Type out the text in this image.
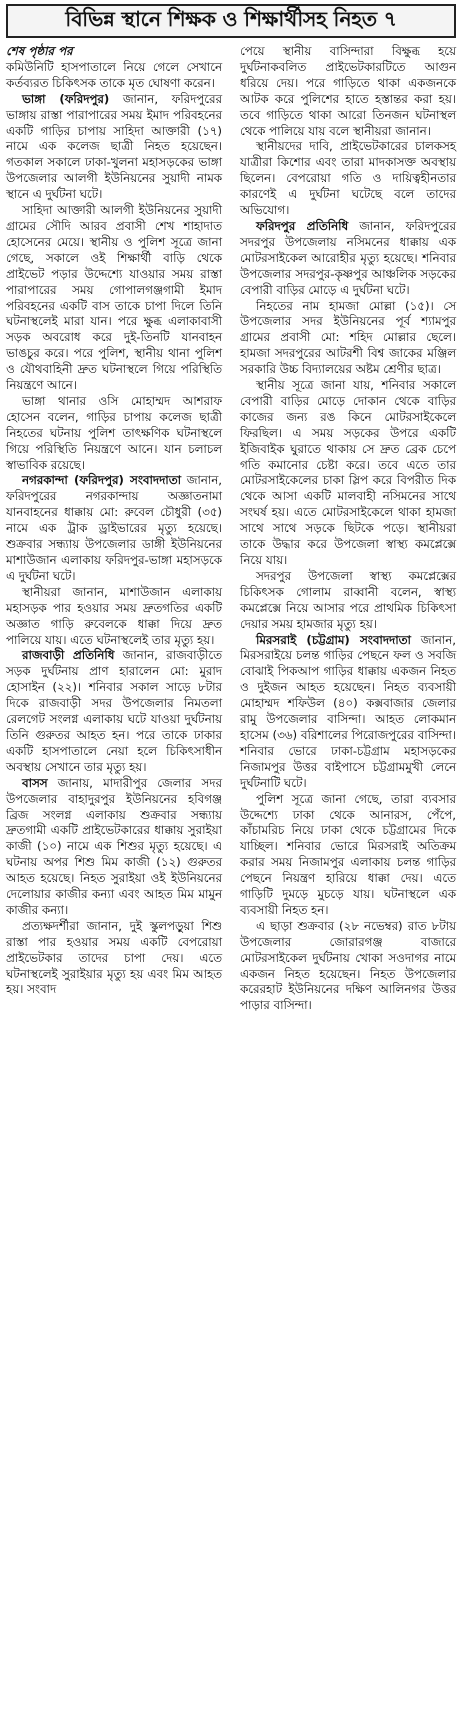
বিভিন্ন স্থানে শিক্ষক ও শিক্ষার্থীসহ নিহত ৭
শেষ পৃষ্ঠার পর

কমিউনিটি হাসপাতালে নিয়ে গেলে সেখানে কর্তব্যরত চিকিৎসক তাকে মৃত ঘোষণা করেন।

ভাঙ্গা (ফরিদপুর) জানান, ফরিদপুরের ভাঙ্গায় রাস্তা পারাপারের সময় ইমাদ পরিবহনের একটি গাড়ির চাপায় সাহিদা আক্তারী (১৭) নামে এক কলেজ ছাত্রী নিহত হয়েছেন। গতকাল সকালে ঢাকা-খুলনা মহাসড়কের ভাঙ্গা উপজেলার আলগী ইউনিয়নের সুয়াদী নামক স্থানে এ দুর্ঘটনা ঘটে।

সাহিদা আক্তারী আলগী ইউনিয়নের সুয়াদী গ্রামের সৌদি আরব প্রবাসী শেখ শাহাদাত হোসেনের মেয়ে। স্থানীয় ও পুলিশ সূত্রে জানা গেছে, সকালে ওই শিক্ষার্থী বাড়ি থেকে প্রাইভেট পড়ার উদ্দেশ্যে যাওয়ার সময় রাস্তা পারাপারের সময় গোপালগঞ্জগামী ইমাদ পরিবহনের একটি বাস তাকে চাপা দিলে তিনি ঘটনাস্থলেই মারা যান। পরে ক্ষুব্ধ এলাকাবাসী সড়ক অবরোধ করে দুই-তিনটি যানবাহন ভাঙচুর করে। পরে পুলিশ, স্থানীয় থানা পুলিশ ও যৌথবাহিনী দ্রুত ঘটনাস্থলে গিয়ে পরিস্থিতি নিয়ন্ত্রণে আনে।

ভাঙ্গা থানার ওসি মোহাম্মদ আশরাফ হোসেন বলেন, গাড়ির চাপায় কলেজ ছাত্রী নিহতের ঘটনায় পুলিশ তাৎক্ষণিক ঘটনাস্থলে গিয়ে পরিস্থিতি নিয়ন্ত্রণে আনে। যান চলাচল স্বাভাবিক রয়েছে।

নগরকান্দা (ফরিদপুর) সংবাদদাতা জানান, ফরিদপুরের নগরকান্দায় অজ্ঞাতনামা যানবাহনের ধাক্কায় মো: রুবেল চৌধুরী (৩৫) নামে এক ট্রাক ড্রাইভারের মৃত্যু হয়েছে। শুক্রবার সন্ধ্যায় উপজেলার ডাঙ্গী ইউনিয়নের মাশাউজান এলাকায় ফরিদপুর-ভাঙ্গা মহাসড়কে এ দুর্ঘটনা ঘটে।

স্থানীয়রা জানান, মাশাউজান এলাকায় মহাসড়ক পার হওয়ার সময় দ্রুতগতির একটি অজ্ঞাত গাড়ি রুবেলকে ধাক্কা দিয়ে দ্রুত পালিয়ে যায়। এতে ঘটনাস্থলেই তার মৃত্যু হয়।

রাজবাড়ী প্রতিনিধি জানান, রাজবাড়ীতে সড়ক দুর্ঘটনায় প্রাণ হারালেন মো: মুরাদ হোসাইন (২২)। শনিবার সকাল সাড়ে ৮টার দিকে রাজবাড়ী সদর উপজেলার নিমতলা রেলগেট সংলগ্ন এলাকায় ঘটে যাওয়া দুর্ঘটনায় তিনি গুরুতর আহত হন। পরে তাকে ঢাকার একটি হাসপাতালে নেয়া হলে চিকিৎসাধীন অবস্থায় সেখানে তার মৃত্যু হয়।

বাসস জানায়, মাদারীপুর জেলার সদর উপজেলার বাহাদুরপুর ইউনিয়নের হবিগঞ্জ ব্রিজ সংলগ্ন এলাকায় শুক্রবার সন্ধ্যায় দ্রুতগামী একটি প্রাইভেটকারের ধাক্কায় সুরাইয়া কাজী (১০) নামে এক শিশুর মৃত্যু হয়েছে। এ ঘটনায় অপর শিশু মিম কাজী (১২) গুরুতর আহত হয়েছে। নিহত সুরাইয়া ওই ইউনিয়নের দেলোয়ার কাজীর কন্যা এবং আহত মিম মামুন কাজীর কন্যা।

প্রত্যক্ষদর্শীরা জানান, দুই স্কুলপড়ুয়া শিশু রাস্তা পার হওয়ার সময় একটি বেপরোয়া প্রাইভেটকার তাদের চাপা দেয়। এতে ঘটনাস্থলেই সুরাইয়ার মৃত্যু হয় এবং মিম আহত হয়। সংবাদ

পেয়ে স্থানীয় বাসিন্দারা বিক্ষুব্ধ হয়ে দুর্ঘটনাকবলিত প্রাইভেটকারটিতে আগুন ধরিয়ে দেয়। পরে গাড়িতে থাকা একজনকে আটক করে পুলিশের হাতে হস্তান্তর করা হয়। তবে গাড়িতে থাকা আরো তিনজন ঘটনাস্থল থেকে পালিয়ে যায় বলে স্থানীয়রা জানান।

স্থানীয়দের দাবি, প্রাইভেটকারের চালকসহ যাত্রীরা কিশোর এবং তারা মাদকাসক্ত অবস্থায় ছিলেন। বেপরোয়া গতি ও দায়িত্বহীনতার কারণেই এ দুর্ঘটনা ঘটেছে বলে তাদের অভিযোগ।

ফরিদপুর প্রতিনিধি জানান, ফরিদপুরের সদরপুর উপজেলায় নসিমনের ধাক্কায় এক মোটরসাইকেল আরোহীর মৃত্যু হয়েছে। শনিবার উপজেলার সদরপুর-কৃষ্ণপুর আঞ্চলিক সড়কের বেপারী বাড়ির মোড়ে এ দুর্ঘটনা ঘটে।

নিহতের নাম হামজা মোল্লা (১৫)। সে উপজেলার সদর ইউনিয়নের পূর্ব শ্যামপুর গ্রামের প্রবাসী মো: শহিদ মোল্লার ছেলে। হামজা সদরপুরের আটরশী বিশ্ব জাকের মঞ্জিল সরকারি উচ্চ বিদ্যালয়ের অষ্টম শ্রেণীর ছাত্র।

স্থানীয় সূত্রে জানা যায়, শনিবার সকালে বেপারী বাড়ির মোড়ে দোকান থেকে বাড়ির কাজের জন্য রঙ কিনে মোটরসাইকেলে ফিরছিল। এ সময় সড়কের উপরে একটি ইজিবাইক ঘুরাতে থাকায় সে দ্রুত ব্রেক চেপে গতি কমানোর চেষ্টা করে। তবে এতে তার মোটরসাইকেলের চাকা স্লিপ করে বিপরীত দিক থেকে আসা একটি মালবাহী নসিমনের সাথে সংঘর্ষ হয়। এতে মোটরসাইকেলে থাকা হামজা সাথে সাথে সড়কে ছিটকে পড়ে। স্থানীয়রা তাকে উদ্ধার করে উপজেলা স্বাস্থ্য কমপ্লেক্সে নিয়ে যায়।

সদরপুর উপজেলা স্বাস্থ্য কমপ্লেক্সের চিকিৎসক গোলাম রাব্বানী বলেন, স্বাস্থ্য কমপ্লেক্সে নিয়ে আসার পরে প্রাথমিক চিকিৎসা দেয়ার সময় হামজার মৃত্যু হয়।

মিরসরাই (চট্টগ্রাম) সংবাদদাতা জানান, মিরসরাইয়ে চলন্ত গাড়ির পেছনে ফল ও সবজি বোঝাই পিকআপ গাড়ির ধাক্কায় একজন নিহত ও দুইজন আহত হয়েছেন। নিহত ব্যবসায়ী মোহাম্মদ শফিউল (৪০) কক্সবাজার জেলার রামু উপজেলার বাসিন্দা। আহত লোকমান হাসেম (৩৬) বরিশালের পিরোজপুরের বাসিন্দা। শনিবার ভোরে ঢাকা-চট্টগ্রাম মহাসড়কের নিজামপুর উত্তর বাইপাসে চট্টগ্রামমুখী লেনে দুর্ঘটনাটি ঘটে।

পুলিশ সূত্রে জানা গেছে, তারা ব্যবসার উদ্দেশ্যে ঢাকা থেকে আনারস, পেঁপে, কাঁচামরিচ নিয়ে ঢাকা থেকে চট্টগ্রামের দিকে যাচ্ছিল। শনিবার ভোরে মিরসরাই অতিক্রম করার সময় নিজামপুর এলাকায় চলন্ত গাড়ির পেছনে নিয়ন্ত্রণ হারিয়ে ধাক্কা দেয়। এতে গাড়িটি দুমড়ে মুচড়ে যায়। ঘটনাস্থলে এক ব্যবসায়ী নিহত হন।

এ ছাড়া শুক্রবার (২৮ নভেম্বর) রাত ৮টায় উপজেলার জোরারগঞ্জ বাজারে মোটরসাইকেল দুর্ঘটনায় খোকা সওদাগর নামে একজন নিহত হয়েছেন। নিহত উপজেলার করেরহাট ইউনিয়নের দক্ষিণ আলিনগর উত্তর পাড়ার বাসিন্দা।
